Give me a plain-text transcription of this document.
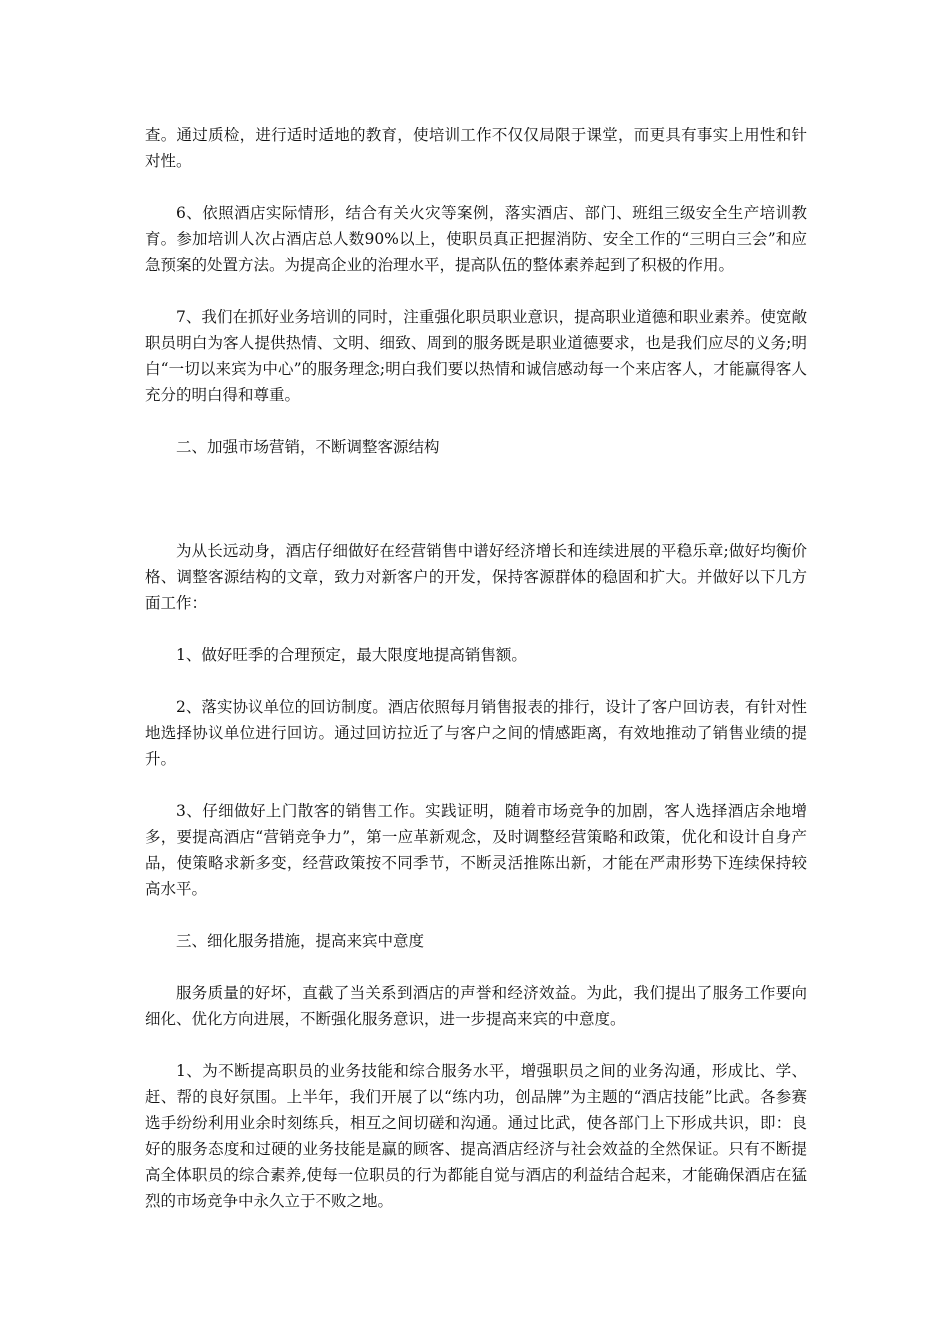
查。通过质检，进行适时适地的教育，使培训工作不仅仅局限于课堂，而更具有事实上用性和针对性。

6、依照酒店实际情形，结合有关火灾等案例，落实酒店、部门、班组三级安全生产培训教育。参加培训人次占酒店总人数90%以上，使职员真正把握消防、安全工作的“三明白三会”和应急预案的处置方法。为提高企业的治理水平，提高队伍的整体素养起到了积极的作用。

7、我们在抓好业务培训的同时，注重强化职员职业意识，提高职业道德和职业素养。使宽敞职员明白为客人提供热情、文明、细致、周到的服务既是职业道德要求，也是我们应尽的义务;明白“一切以来宾为中心”的服务理念;明白我们要以热情和诚信感动每一个来店客人，才能赢得客人充分的明白得和尊重。

二、加强市场营销，不断调整客源结构

为从长远动身，酒店仔细做好在经营销售中谱好经济增长和连续进展的平稳乐章;做好均衡价格、调整客源结构的文章，致力对新客户的开发，保持客源群体的稳固和扩大。并做好以下几方面工作：

1、做好旺季的合理预定，最大限度地提高销售额。

2、落实协议单位的回访制度。酒店依照每月销售报表的排行，设计了客户回访表，有针对性地选择协议单位进行回访。通过回访拉近了与客户之间的情感距离，有效地推动了销售业绩的提升。

3、仔细做好上门散客的销售工作。实践证明，随着市场竞争的加剧，客人选择酒店余地增多，要提高酒店“营销竞争力”，第一应革新观念，及时调整经营策略和政策，优化和设计自身产品，使策略求新多变，经营政策按不同季节，不断灵活推陈出新，才能在严肃形势下连续保持较高水平。

三、细化服务措施，提高来宾中意度

服务质量的好坏，直截了当关系到酒店的声誉和经济效益。为此，我们提出了服务工作要向细化、优化方向进展，不断强化服务意识，进一步提高来宾的中意度。

1、为不断提高职员的业务技能和综合服务水平，增强职员之间的业务沟通，形成比、学、赶、帮的良好氛围。上半年，我们开展了以“练内功，创品牌”为主题的“酒店技能”比武。各参赛选手纷纷利用业余时刻练兵，相互之间切磋和沟通。通过比武，使各部门上下形成共识，即：良好的服务态度和过硬的业务技能是赢的顾客、提高酒店经济与社会效益的全然保证。只有不断提高全体职员的综合素养,使每一位职员的行为都能自觉与酒店的利益结合起来，才能确保酒店在猛烈的市场竞争中永久立于不败之地。
